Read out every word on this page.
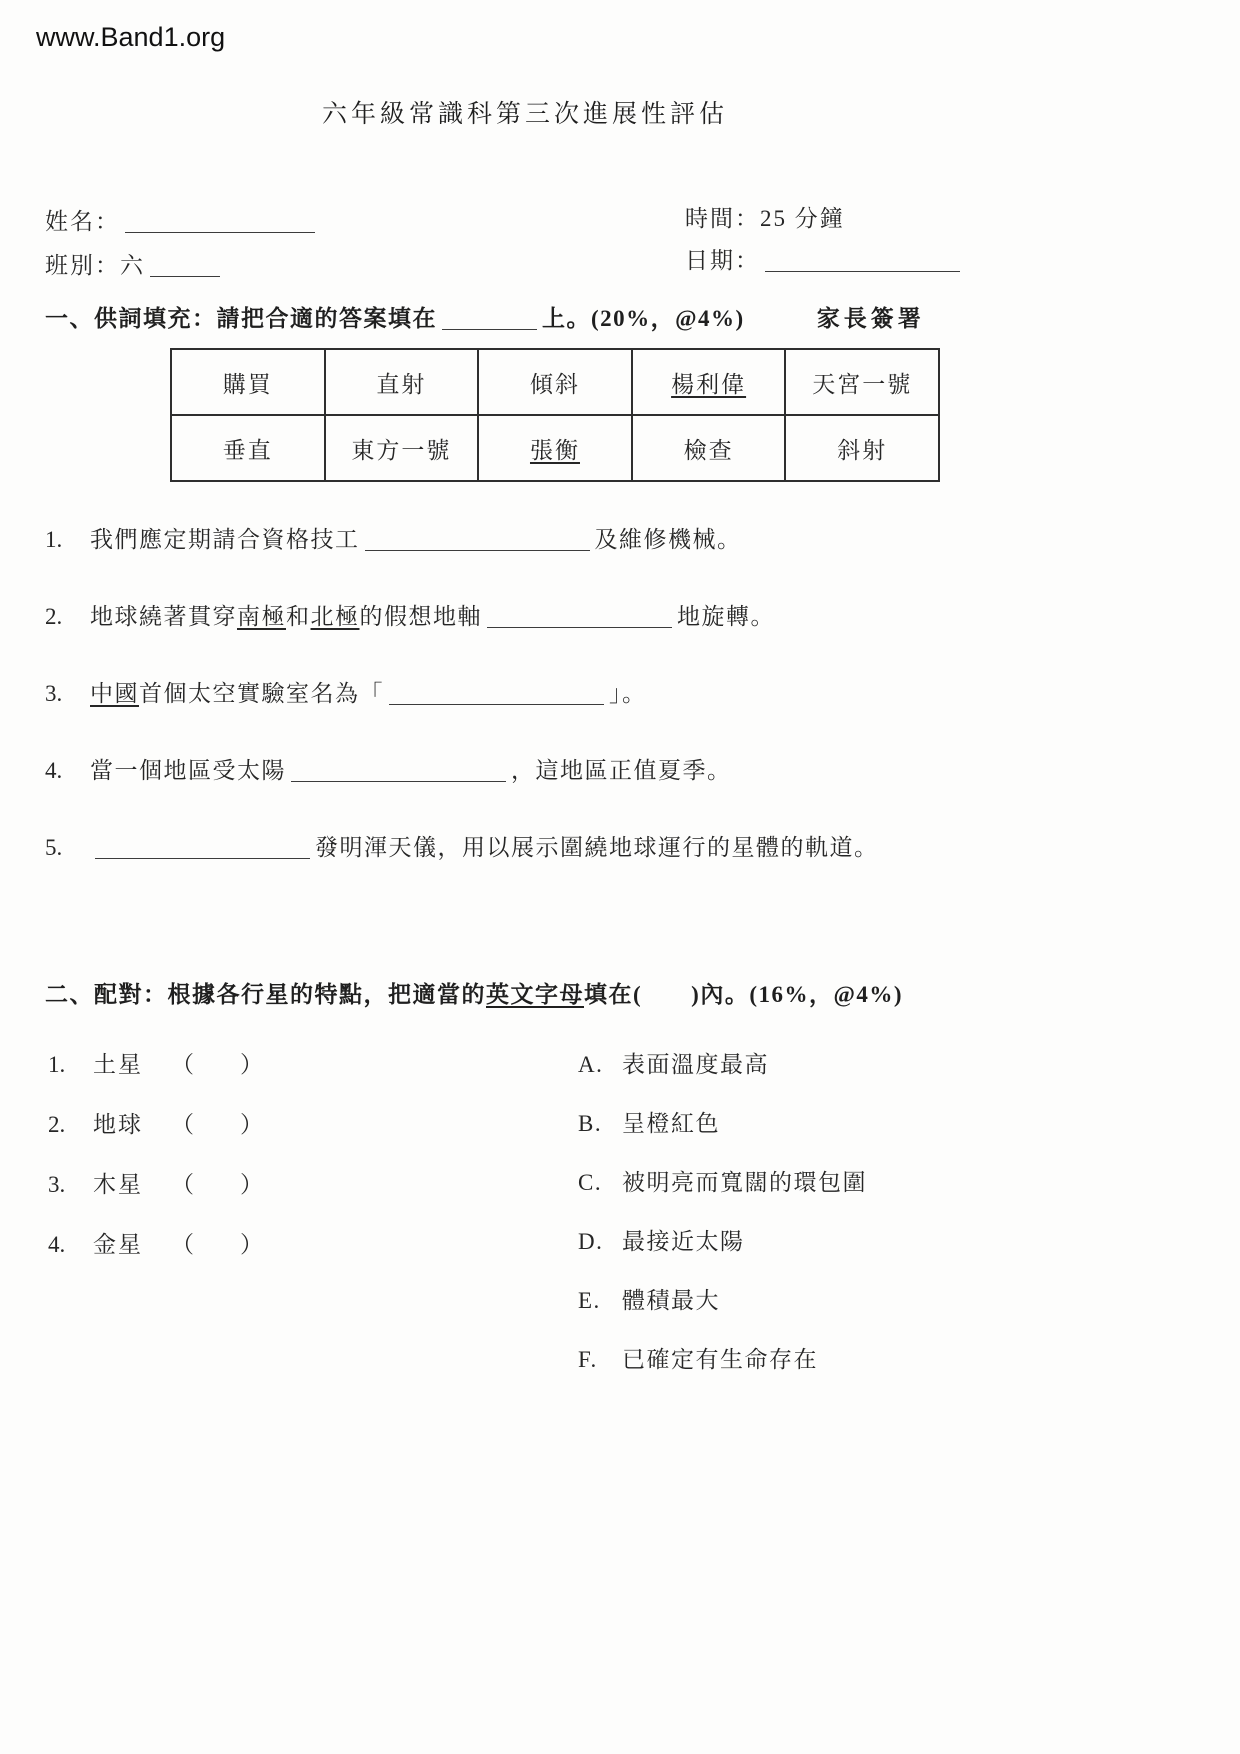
www.Band1.org
六年級常識科第三次進展性評估
姓名：	時間：25 分鐘
班別：六	日期：
一、供詞填充：請把合適的答案填在	上。(20%，@4%)	家長簽署
購買	直射	傾斜	楊利偉	天宮一號
垂直	東方一號	張衡	檢查	斜射
1.	我們應定期請合資格技工	及維修機械。
2.	地球繞著貫穿南極和北極的假想地軸	地旋轉。
3.	中國首個太空實驗室名為「	」。
4.	當一個地區受太陽	，這地區正值夏季。
5.	發明渾天儀，用以展示圍繞地球運行的星體的軌道。
二、配對：根據各行星的特點，把適當的英文字母填在(　　)內。(16%，@4%)
1.	土星 （　　）
2.	地球 （　　）
3.	木星 （　　）
4.	金星 （　　）
A. 表面溫度最高
B. 呈橙紅色
C. 被明亮而寬闊的環包圍
D. 最接近太陽
E. 體積最大
F.	已確定有生命存在
